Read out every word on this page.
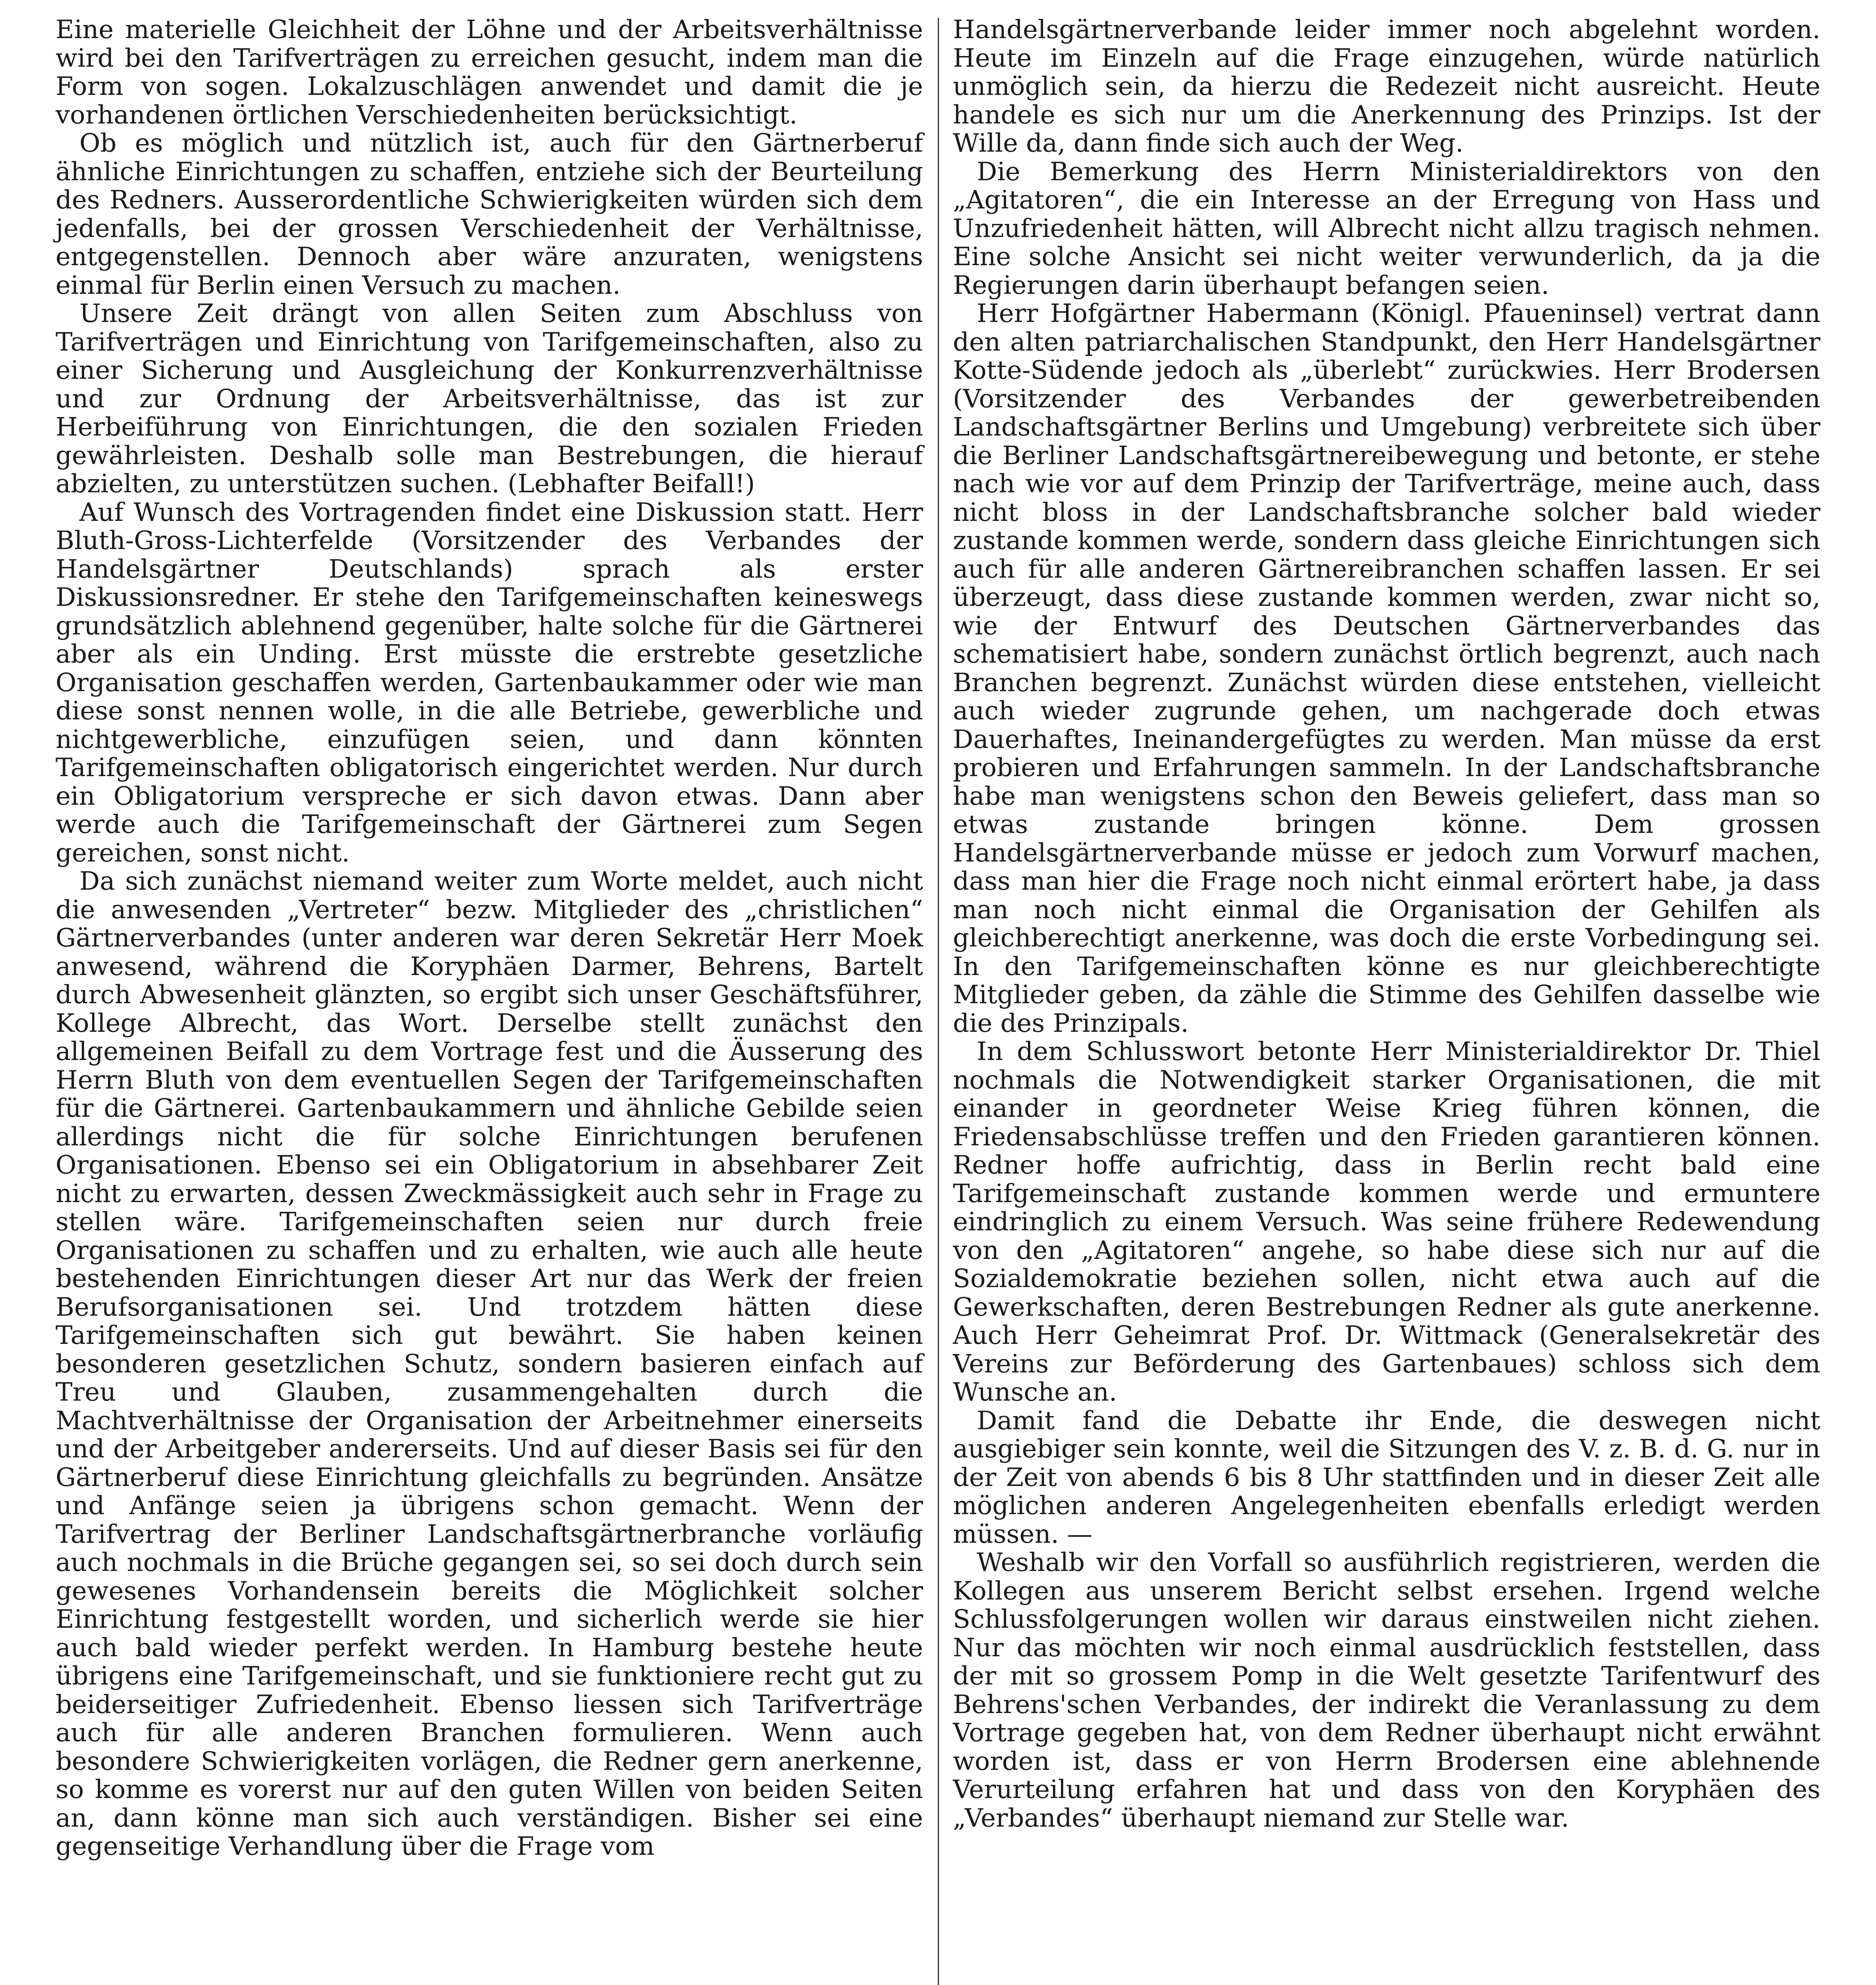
Eine materielle Gleichheit der Löhne und der Arbeitsverhältnisse wird bei den Tarifverträgen zu erreichen gesucht, indem man die Form von sogen. Lokalzuschlägen anwendet und damit die je vorhandenen örtlichen Verschiedenheiten berücksichtigt.

Ob es möglich und nützlich ist, auch für den Gärtnerberuf ähnliche Einrichtungen zu schaffen, entziehe sich der Beurteilung des Redners. Ausserordentliche Schwierigkeiten würden sich dem jedenfalls, bei der grossen Verschiedenheit der Verhältnisse, entgegenstellen. Dennoch aber wäre anzuraten, wenigstens einmal für Berlin einen Versuch zu machen.

Unsere Zeit drängt von allen Seiten zum Abschluss von Tarifverträgen und Einrichtung von Tarifgemeinschaften, also zu einer Sicherung und Ausgleichung der Konkurrenzverhältnisse und zur Ordnung der Arbeitsverhältnisse, das ist zur Herbeiführung von Einrichtungen, die den sozialen Frieden gewährleisten. Deshalb solle man Bestrebungen, die hierauf abzielten, zu unterstützen suchen. (Lebhafter Beifall!)

Auf Wunsch des Vortragenden findet eine Diskussion statt. Herr Bluth-Gross-Lichterfelde (Vorsitzender des Verbandes der Handelsgärtner Deutschlands) sprach als erster Diskussionsredner. Er stehe den Tarifgemeinschaften keineswegs grundsätzlich ablehnend gegenüber, halte solche für die Gärtnerei aber als ein Unding. Erst müsste die erstrebte gesetzliche Organisation geschaffen werden, Gartenbaukammer oder wie man diese sonst nennen wolle, in die alle Betriebe, gewerbliche und nichtgewerbliche, einzufügen seien, und dann könnten Tarifgemeinschaften obligatorisch eingerichtet werden. Nur durch ein Obligatorium verspreche er sich davon etwas. Dann aber werde auch die Tarifgemeinschaft der Gärtnerei zum Segen gereichen, sonst nicht.

Da sich zunächst niemand weiter zum Worte meldet, auch nicht die anwesenden „Vertreter“ bezw. Mitglieder des „christlichen“ Gärtnerverbandes (unter anderen war deren Sekretär Herr Moek anwesend, während die Koryphäen Darmer, Behrens, Bartelt durch Abwesenheit glänzten, so ergibt sich unser Geschäftsführer, Kollege Albrecht, das Wort. Derselbe stellt zunächst den allgemeinen Beifall zu dem Vortrage fest und die Äusserung des Herrn Bluth von dem eventuellen Segen der Tarifgemeinschaften für die Gärtnerei. Gartenbaukammern und ähnliche Gebilde seien allerdings nicht die für solche Einrichtungen berufenen Organisationen. Ebenso sei ein Obligatorium in absehbarer Zeit nicht zu erwarten, dessen Zweckmässigkeit auch sehr in Frage zu stellen wäre. Tarifgemeinschaften seien nur durch freie Organisationen zu schaffen und zu erhalten, wie auch alle heute bestehenden Einrichtungen dieser Art nur das Werk der freien Berufsorganisationen sei. Und trotzdem hätten diese Tarifgemeinschaften sich gut bewährt. Sie haben keinen besonderen gesetzlichen Schutz, sondern basieren einfach auf Treu und Glauben, zusammengehalten durch die Machtverhältnisse der Organisation der Arbeitnehmer einerseits und der Arbeitgeber andererseits. Und auf dieser Basis sei für den Gärtnerberuf diese Einrichtung gleichfalls zu begründen. Ansätze und Anfänge seien ja übrigens schon gemacht. Wenn der Tarifvertrag der Berliner Landschaftsgärtnerbranche vorläufig auch nochmals in die Brüche gegangen sei, so sei doch durch sein gewesenes Vorhandensein bereits die Möglichkeit solcher Einrichtung festgestellt worden, und sicherlich werde sie hier auch bald wieder perfekt werden. In Hamburg bestehe heute übrigens eine Tarifgemeinschaft, und sie funktioniere recht gut zu beiderseitiger Zufriedenheit. Ebenso liessen sich Tarifverträge auch für alle anderen Branchen formulieren. Wenn auch besondere Schwierigkeiten vorlägen, die Redner gern anerkenne, so komme es vorerst nur auf den guten Willen von beiden Seiten an, dann könne man sich auch verständigen. Bisher sei eine gegenseitige Verhandlung über die Frage vom

Handelsgärtnerverbande leider immer noch abgelehnt worden. Heute im Einzeln auf die Frage einzugehen, würde natürlich unmöglich sein, da hierzu die Redezeit nicht ausreicht. Heute handele es sich nur um die Anerkennung des Prinzips. Ist der Wille da, dann finde sich auch der Weg.

Die Bemerkung des Herrn Ministerialdirektors von den „Agitatoren“, die ein Interesse an der Erregung von Hass und Unzufriedenheit hätten, will Albrecht nicht allzu tragisch nehmen. Eine solche Ansicht sei nicht weiter verwunderlich, da ja die Regierungen darin überhaupt befangen seien.

Herr Hofgärtner Habermann (Königl. Pfaueninsel) vertrat dann den alten patriarchalischen Standpunkt, den Herr Handelsgärtner Kotte-Südende jedoch als „überlebt“ zurückwies. Herr Brodersen (Vorsitzender des Verbandes der gewerbetreibenden Landschaftsgärtner Berlins und Umgebung) verbreitete sich über die Berliner Landschaftsgärtnereibewegung und betonte, er stehe nach wie vor auf dem Prinzip der Tarifverträge, meine auch, dass nicht bloss in der Landschaftsbranche solcher bald wieder zustande kommen werde, sondern dass gleiche Einrichtungen sich auch für alle anderen Gärtnereibranchen schaffen lassen. Er sei überzeugt, dass diese zustande kommen werden, zwar nicht so, wie der Entwurf des Deutschen Gärtnerverbandes das schematisiert habe, sondern zunächst örtlich begrenzt, auch nach Branchen begrenzt. Zunächst würden diese entstehen, vielleicht auch wieder zugrunde gehen, um nachgerade doch etwas Dauerhaftes, Ineinandergefügtes zu werden. Man müsse da erst probieren und Erfahrungen sammeln. In der Landschaftsbranche habe man wenigstens schon den Beweis geliefert, dass man so etwas zustande bringen könne. Dem grossen Handelsgärtnerverbande müsse er jedoch zum Vorwurf machen, dass man hier die Frage noch nicht einmal erörtert habe, ja dass man noch nicht einmal die Organisation der Gehilfen als gleichberechtigt anerkenne, was doch die erste Vorbedingung sei. In den Tarifgemeinschaften könne es nur gleichberechtigte Mitglieder geben, da zähle die Stimme des Gehilfen dasselbe wie die des Prinzipals.

In dem Schlusswort betonte Herr Ministerialdirektor Dr. Thiel nochmals die Notwendigkeit starker Organisationen, die mit einander in geordneter Weise Krieg führen können, die Friedensabschlüsse treffen und den Frieden garantieren können. Redner hoffe aufrichtig, dass in Berlin recht bald eine Tarifgemeinschaft zustande kommen werde und ermuntere eindringlich zu einem Versuch. Was seine frühere Redewendung von den „Agitatoren“ angehe, so habe diese sich nur auf die Sozialdemokratie beziehen sollen, nicht etwa auch auf die Gewerkschaften, deren Bestrebungen Redner als gute anerkenne. Auch Herr Geheimrat Prof. Dr. Wittmack (Generalsekretär des Vereins zur Beförderung des Gartenbaues) schloss sich dem Wunsche an.

Damit fand die Debatte ihr Ende, die deswegen nicht ausgiebiger sein konnte, weil die Sitzungen des V. z. B. d. G. nur in der Zeit von abends 6 bis 8 Uhr stattfinden und in dieser Zeit alle möglichen anderen Angelegenheiten ebenfalls erledigt werden müssen. —

Weshalb wir den Vorfall so ausführlich registrieren, werden die Kollegen aus unserem Bericht selbst ersehen. Irgend welche Schlussfolgerungen wollen wir daraus einstweilen nicht ziehen. Nur das möchten wir noch einmal ausdrücklich feststellen, dass der mit so grossem Pomp in die Welt gesetzte Tarifentwurf des Behrens'schen Verbandes, der indirekt die Veranlassung zu dem Vortrage gegeben hat, von dem Redner überhaupt nicht erwähnt worden ist, dass er von Herrn Brodersen eine ablehnende Verurteilung erfahren hat und dass von den Koryphäen des „Verbandes“ überhaupt niemand zur Stelle war.
